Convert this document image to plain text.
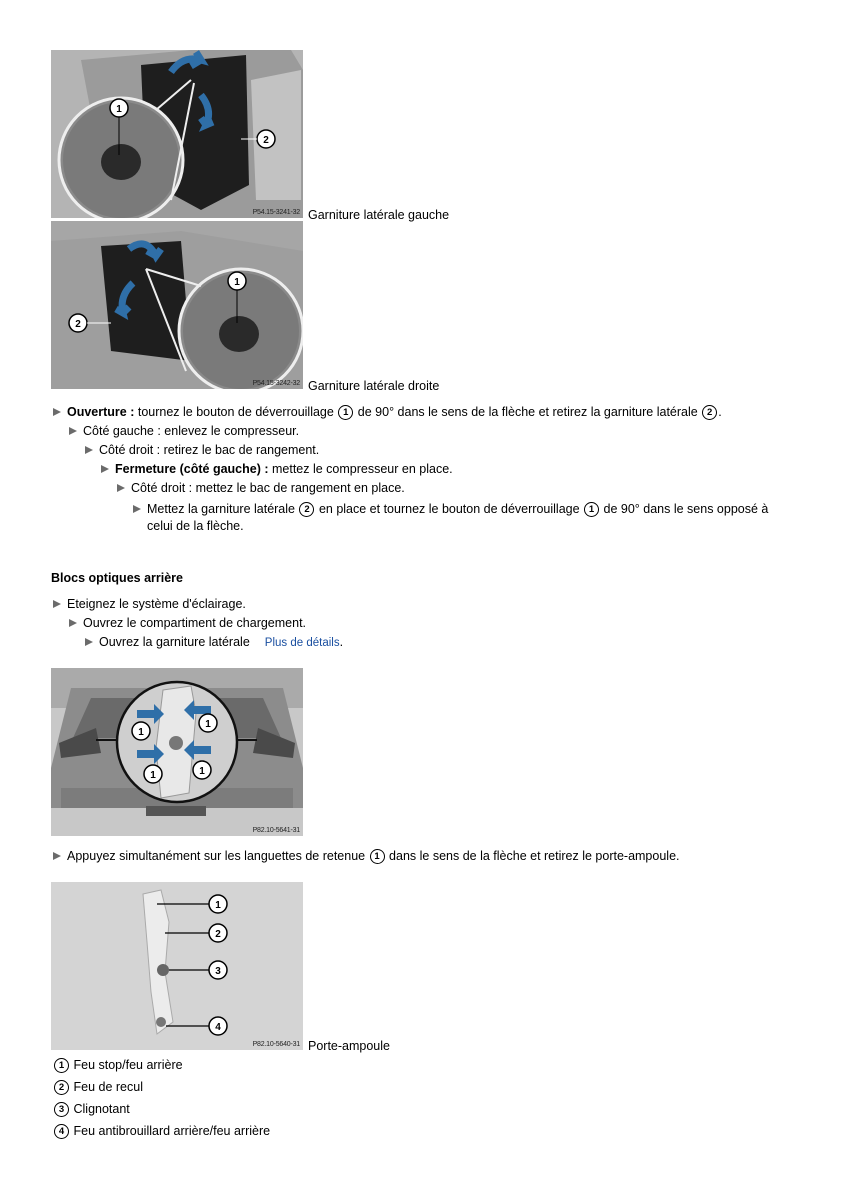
1
2
P54.15-3241-32 Garniture latérale gauche
1
2
P54.15-3242-32 Garniture latérale droite
Ouverture : tournez le bouton de déverrouillage 1 de 90° dans le sens de la flèche et retirez la garniture latérale 2 .
Côté gauche : enlevez le compresseur.
Côté droit : retirez le bac de rangement.
Fermeture (côté gauche) : mettez le compresseur en place.
Côté droit : mettez le bac de rangement en place.
Mettez la garniture latérale 2 en place et tournez le bouton de déverrouillage 1 de 90° dans le sens opposé à
celui de la flèche.
Blocs optiques arrière
Eteignez le système d'éclairage.
Ouvrez le compartiment de chargement.
Ouvrez la garniture latérale Plus de détails.
1
1
1	1
P82.10-5641-31
Appuyez simultanément sur les languettes de retenue 1 dans le sens de la flèche et retirez le porte-ampoule.
1
2
3
4
P82.10-5640-31 Porte-ampoule
1 Feu stop/feu arrière
2 Feu de recul
3 Clignotant
4 Feu antibrouillard arrière/feu arrière
